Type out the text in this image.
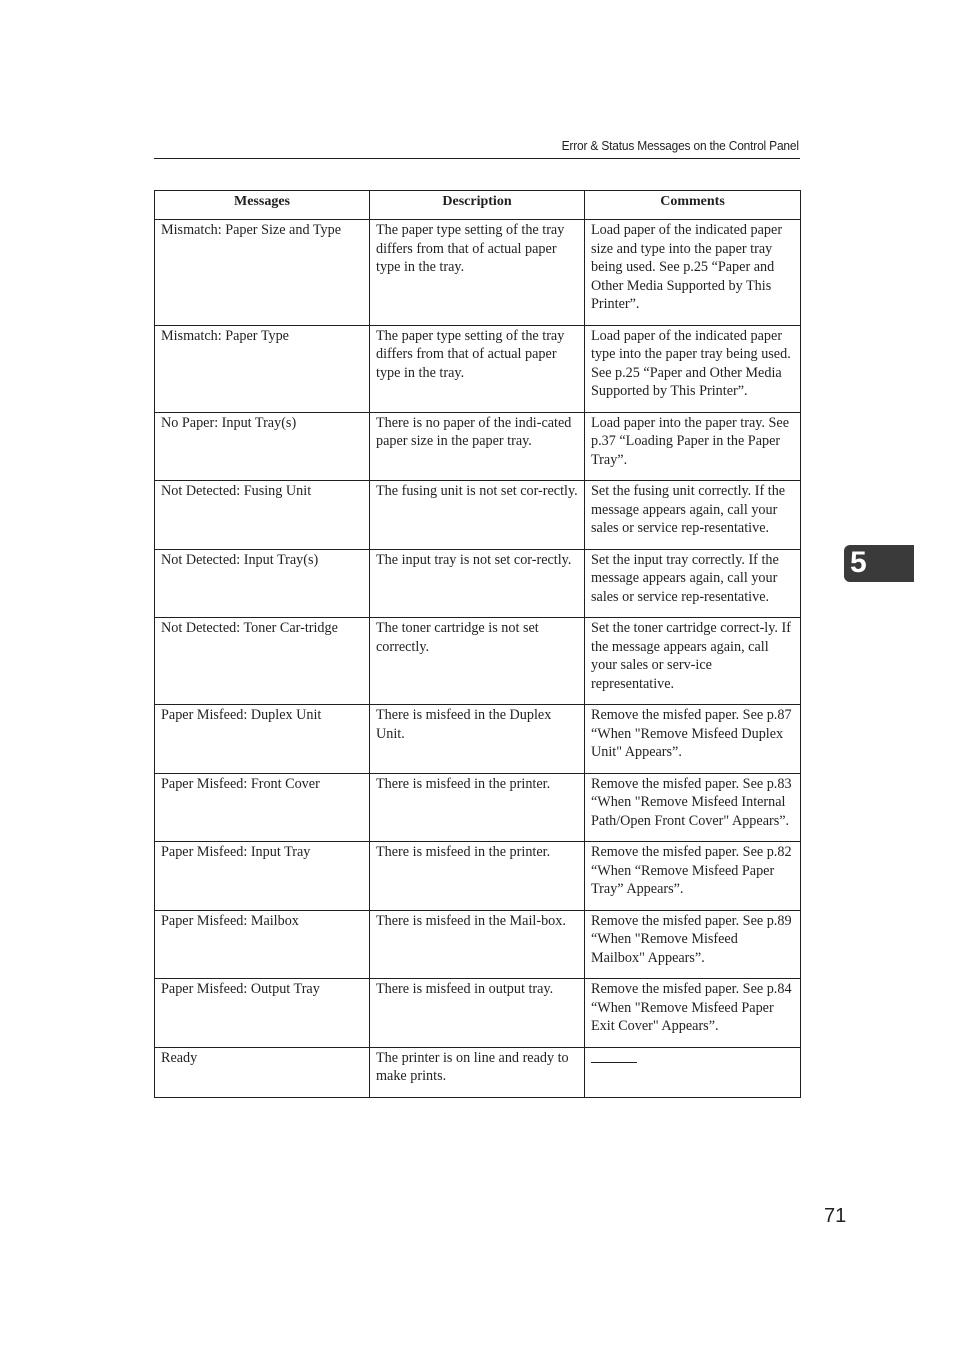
Error & Status Messages on the Control Panel
Messages	Description	Comments
Mismatch: Paper Size and Type	The paper type setting of the tray differs from that of actual paper type in the tray.	Load paper of the indicated paper size and type into the paper tray being used. See p.25 “Paper and Other Media Supported by This Printer”.
Mismatch: Paper Type	The paper type setting of the tray differs from that of actual paper type in the tray.	Load paper of the indicated paper type into the paper tray being used. See p.25 “Paper and Other Media Supported by This Printer”.
No Paper: Input Tray(s)	There is no paper of the indi-cated paper size in the paper tray.	Load paper into the paper tray. See p.37 “Loading Paper in the Paper Tray”.
Not Detected: Fusing Unit	The fusing unit is not set cor-rectly.	Set the fusing unit correctly. If the message appears again, call your sales or service rep-resentative.
Not Detected: Input Tray(s)	The input tray is not set cor-rectly.	Set the input tray correctly. If the message appears again, call your sales or service rep-resentative.
Not Detected: Toner Car-tridge	The toner cartridge is not set correctly.	Set the toner cartridge correct-ly. If the message appears again, call your sales or serv-ice representative.
Paper Misfeed: Duplex Unit	There is misfeed in the Duplex Unit.	Remove the misfed paper. See p.87 “When "Remove Misfeed Duplex Unit" Appears”.
Paper Misfeed: Front Cover	There is misfeed in the printer.	Remove the misfed paper. See p.83 “When "Remove Misfeed Internal Path/Open Front Cover" Appears”.
Paper Misfeed: Input Tray	There is misfeed in the printer.	Remove the misfed paper. See p.82 “When “Remove Misfeed Paper Tray” Appears”.
Paper Misfeed: Mailbox	There is misfeed in the Mail-box.	Remove the misfed paper. See p.89 “When "Remove Misfeed Mailbox" Appears”.
Paper Misfeed: Output Tray	There is misfeed in output tray.	Remove the misfed paper. See p.84 “When "Remove Misfeed Paper Exit Cover" Appears”.
Ready	The printer is on line and ready to make prints.	
5
71
